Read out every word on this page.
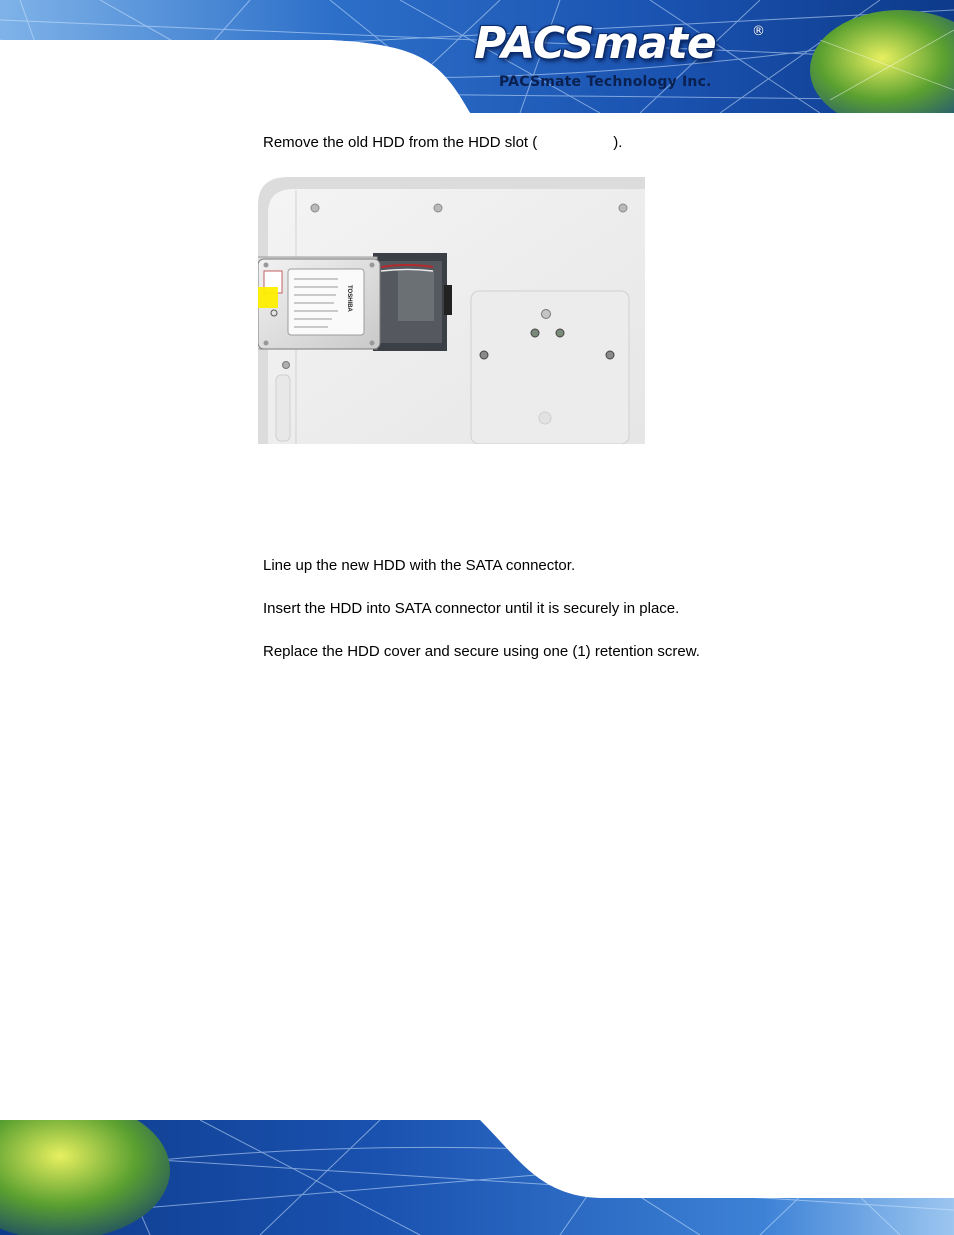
PACSmate	®
PACSmate Technology Inc.
Remove the old HDD from the HDD slot (	).
TOSHIBA
Line up the new HDD with the SATA connector.
Insert the HDD into SATA connector until it is securely in place.
Replace the HDD cover and secure using one (1) retention screw.
